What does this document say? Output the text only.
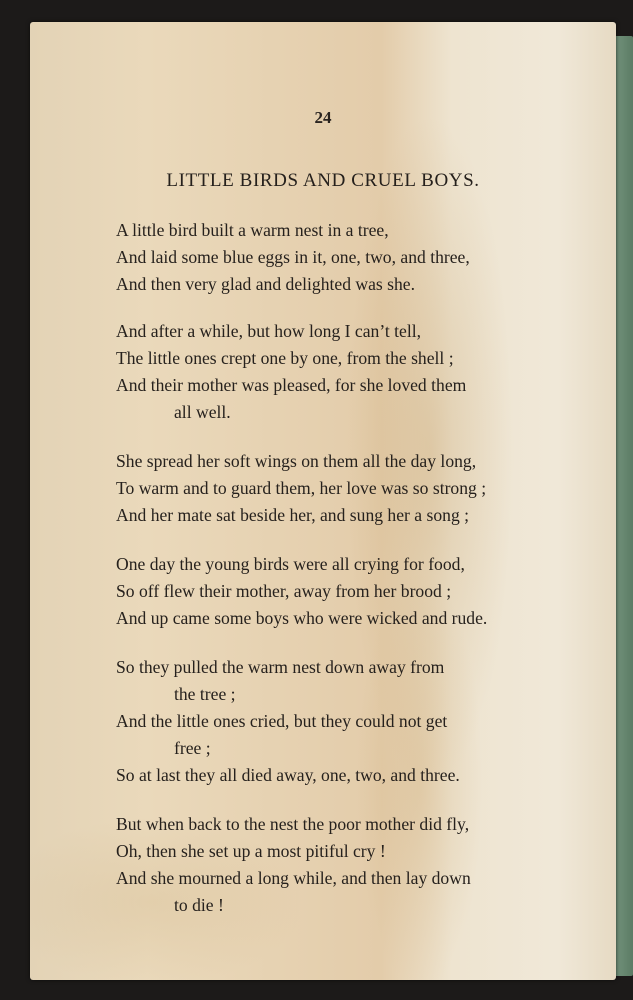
24
LITTLE BIRDS AND CRUEL BOYS.
A little bird built a warm nest in a tree,
And laid some blue eggs in it, one, two, and three,
And then very glad and delighted was she.
And after a while, but how long I can’t tell,
The little ones crept one by one, from the shell ;
And their mother was pleased, for she loved them
all well.
She spread her soft wings on them all the day long,
To warm and to guard them, her love was so strong ;
And her mate sat beside her, and sung her a song ;
One day the young birds were all crying for food,
So off flew their mother, away from her brood ;
And up came some boys who were wicked and rude.
So they pulled the warm nest down away from
the tree ;
And the little ones cried, but they could not get
free ;
So at last they all died away, one, two, and three.
But when back to the nest the poor mother did fly,
Oh, then she set up a most pitiful cry !
And she mourned a long while, and then lay down
to die !
